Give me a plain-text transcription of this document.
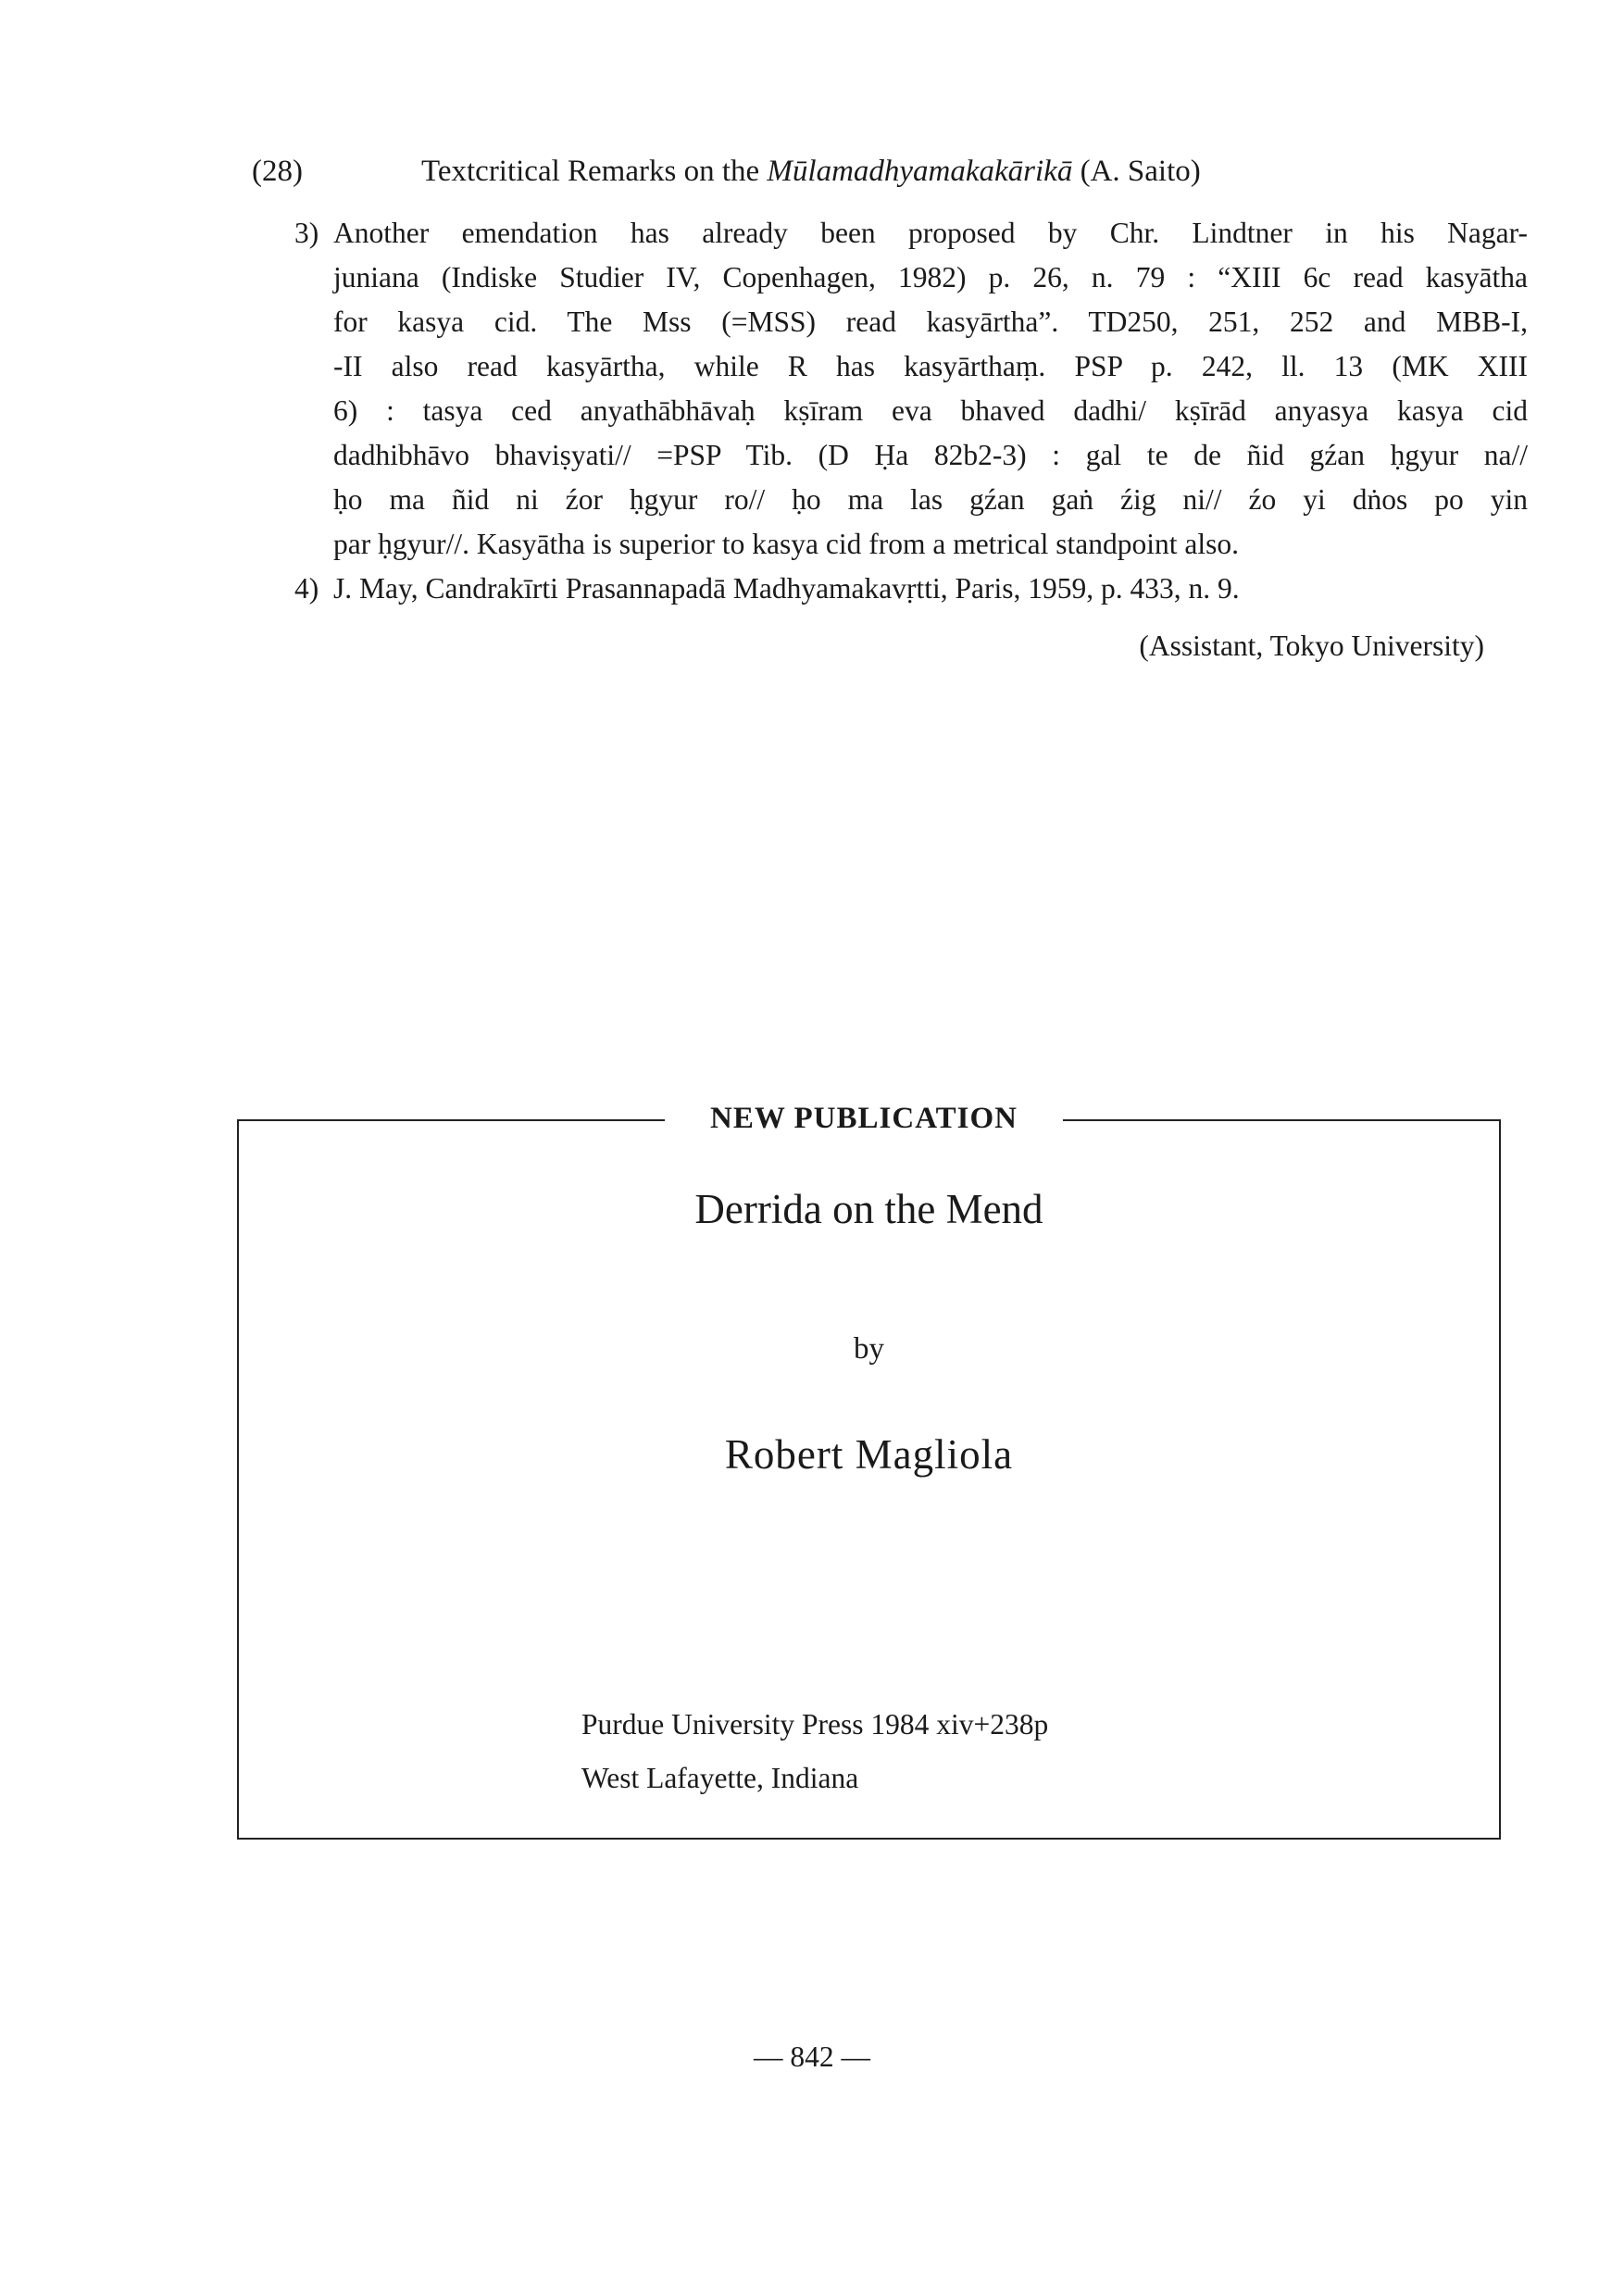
(28)	Textcritical Remarks on the Mūlamadhyamakakārikā (A. Saito)
3) Another emendation has already been proposed by Chr. Lindtner in his Nagar-
juniana (Indiske Studier IV, Copenhagen, 1982) p. 26, n. 79 : “XIII 6c read kasyātha
for kasya cid. The Mss (=MSS) read kasyārtha”. TD250, 251, 252 and MBB-I,
-II also read kasyārtha, while R has kasyārthaṃ. PSP p. 242, ll. 13 (MK XIII
6) : tasya ced anyathābhāvaḥ kṣīram eva bhaved dadhi/ kṣīrād anyasya kasya cid
dadhibhāvo bhaviṣyati// =PSP Tib. (D Ḥa 82b2-3) : gal te de ñid gźan ḥgyur na//
ḥo ma ñid ni źor ḥgyur ro// ḥo ma las gźan gaṅ źig ni// źo yi dṅos po yin
par ḥgyur//. Kasyātha is superior to kasya cid from a metrical standpoint also.
4) J. May, Candrakīrti Prasannapadā Madhyamakavṛtti, Paris, 1959, p. 433, n. 9.
(Assistant, Tokyo University)
NEW PUBLICATION
Derrida on the Mend
by
Robert Magliola
Purdue University Press 1984 xiv+238p
West Lafayette, Indiana
— 842 —
